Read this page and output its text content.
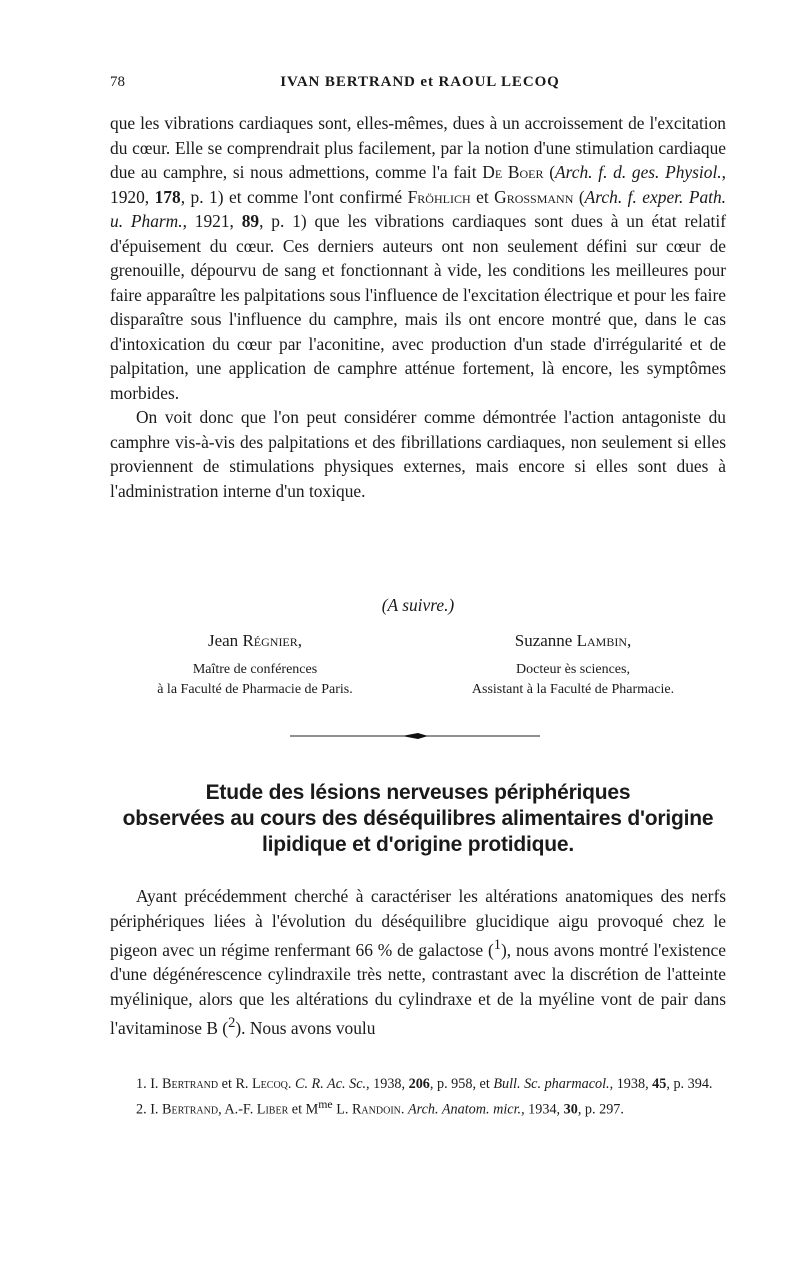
78	IVAN BERTRAND et RAOUL LECOQ

que les vibrations cardiaques sont, elles-mêmes, dues à un accroissement de l'excitation du cœur. Elle se comprendrait plus facilement, par la notion d'une stimulation cardiaque due au camphre, si nous admettions, comme l'a fait De Boer (Arch. f. d. ges. Physiol., 1920, 178, p. 1) et comme l'ont confirmé Fröhlich et Grossmann (Arch. f. exper. Path. u. Pharm., 1921, 89, p. 1) que les vibrations cardiaques sont dues à un état relatif d'épuisement du cœur. Ces derniers auteurs ont non seulement défini sur cœur de grenouille, dépourvu de sang et fonctionnant à vide, les conditions les meilleures pour faire apparaître les palpitations sous l'influence de l'excitation électrique et pour les faire disparaître sous l'influence du camphre, mais ils ont encore montré que, dans le cas d'intoxication du cœur par l'aconitine, avec production d'un stade d'irrégularité et de palpitation, une application de camphre atténue fortement, là encore, les symptômes morbides.

On voit donc que l'on peut considérer comme démontrée l'action antagoniste du camphre vis-à-vis des palpitations et des fibrillations cardiaques, non seulement si elles proviennent de stimulations physiques externes, mais encore si elles sont dues à l'administration interne d'un toxique.

(A suivre.)
Jean Régnier,
Maître de conférences
à la Faculté de Pharmacie de Paris.
Suzanne Lambin,
Docteur ès sciences,
Assistant à la Faculté de Pharmacie.
Etude des lésions nerveuses périphériques
observées au cours des déséquilibres alimentaires d'origine
lipidique et d'origine protidique.

Ayant précédemment cherché à caractériser les altérations anatomiques des nerfs périphériques liées à l'évolution du déséquilibre glucidique aigu provoqué chez le pigeon avec un régime renfermant 66 % de galactose ($^1$), nous avons montré l'existence d'une dégénérescence cylindraxile très nette, contrastant avec la discrétion de l'atteinte myélinique, alors que les altérations du cylindraxe et de la myéline vont de pair dans l'avitaminose B ($^2$). Nous avons voulu

1. I. Bertrand et R. Lecoq. C. R. Ac. Sc., 1938, 206, p. 958, et Bull. Sc. pharmacol., 1938, 45, p. 394.

2. I. Bertrand, A.-F. Liber et $M^{me}$ L. Randoin. Arch. Anatom. micr., 1934, 30, p. 297.
